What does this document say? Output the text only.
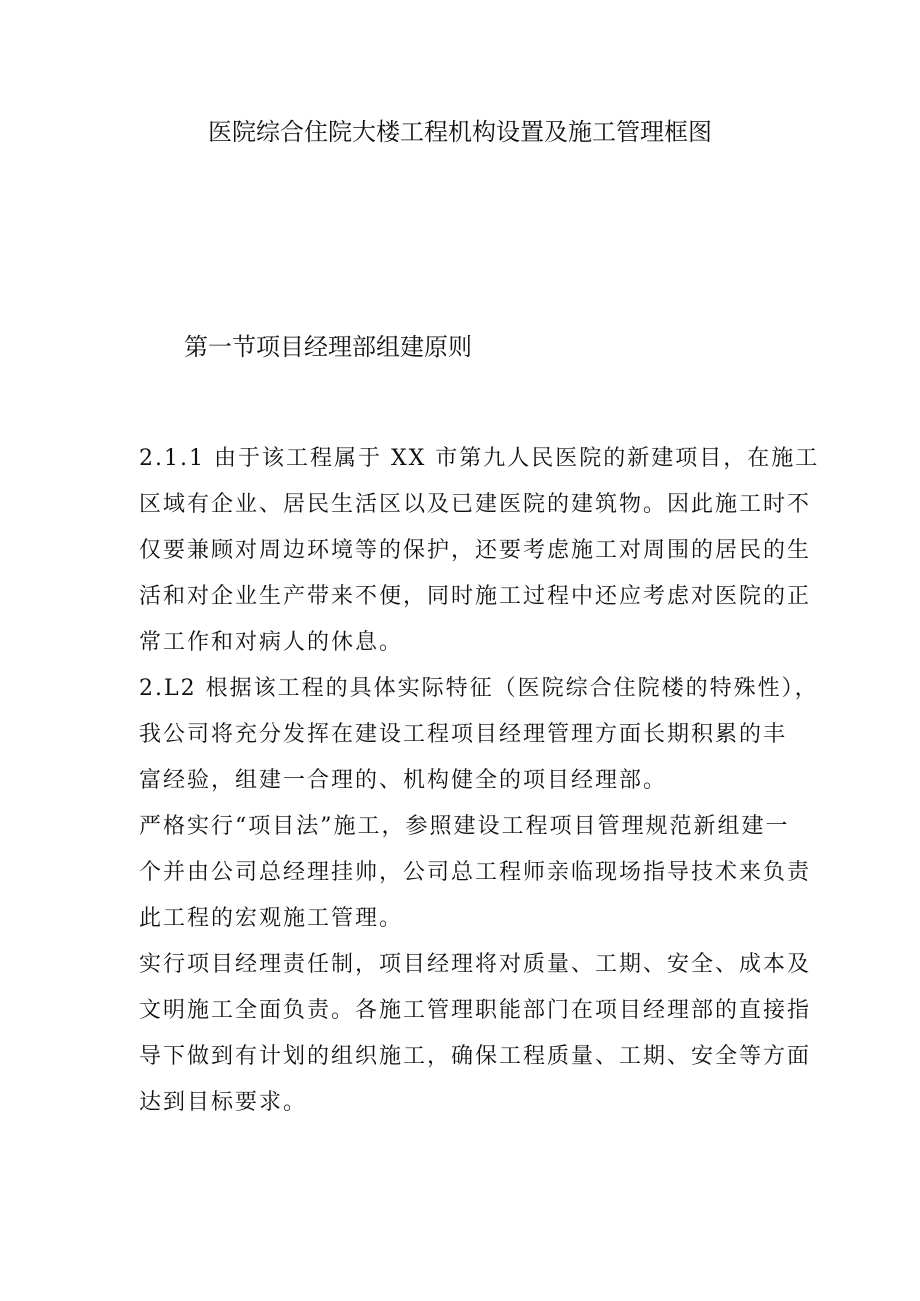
医院综合住院大楼工程机构设置及施工管理框图
第一节项目经理部组建原则

2.1.1 由于该工程属于 XX 市第九人民医院的新建项目，在施工
区域有企业、居民生活区以及已建医院的建筑物。因此施工时不
仅要兼顾对周边环境等的保护，还要考虑施工对周围的居民的生
活和对企业生产带来不便，同时施工过程中还应考虑对医院的正
常工作和对病人的休息。

2.L2 根据该工程的具体实际特征（医院综合住院楼的特殊性），
我公司将充分发挥在建设工程项目经理管理方面长期积累的丰
富经验，组建一合理的、机构健全的项目经理部。

严格实行“项目法”施工，参照建设工程项目管理规范新组建一
个并由公司总经理挂帅，公司总工程师亲临现场指导技术来负责
此工程的宏观施工管理。

实行项目经理责任制，项目经理将对质量、工期、安全、成本及
文明施工全面负责。各施工管理职能部门在项目经理部的直接指
导下做到有计划的组织施工，确保工程质量、工期、安全等方面
达到目标要求。
